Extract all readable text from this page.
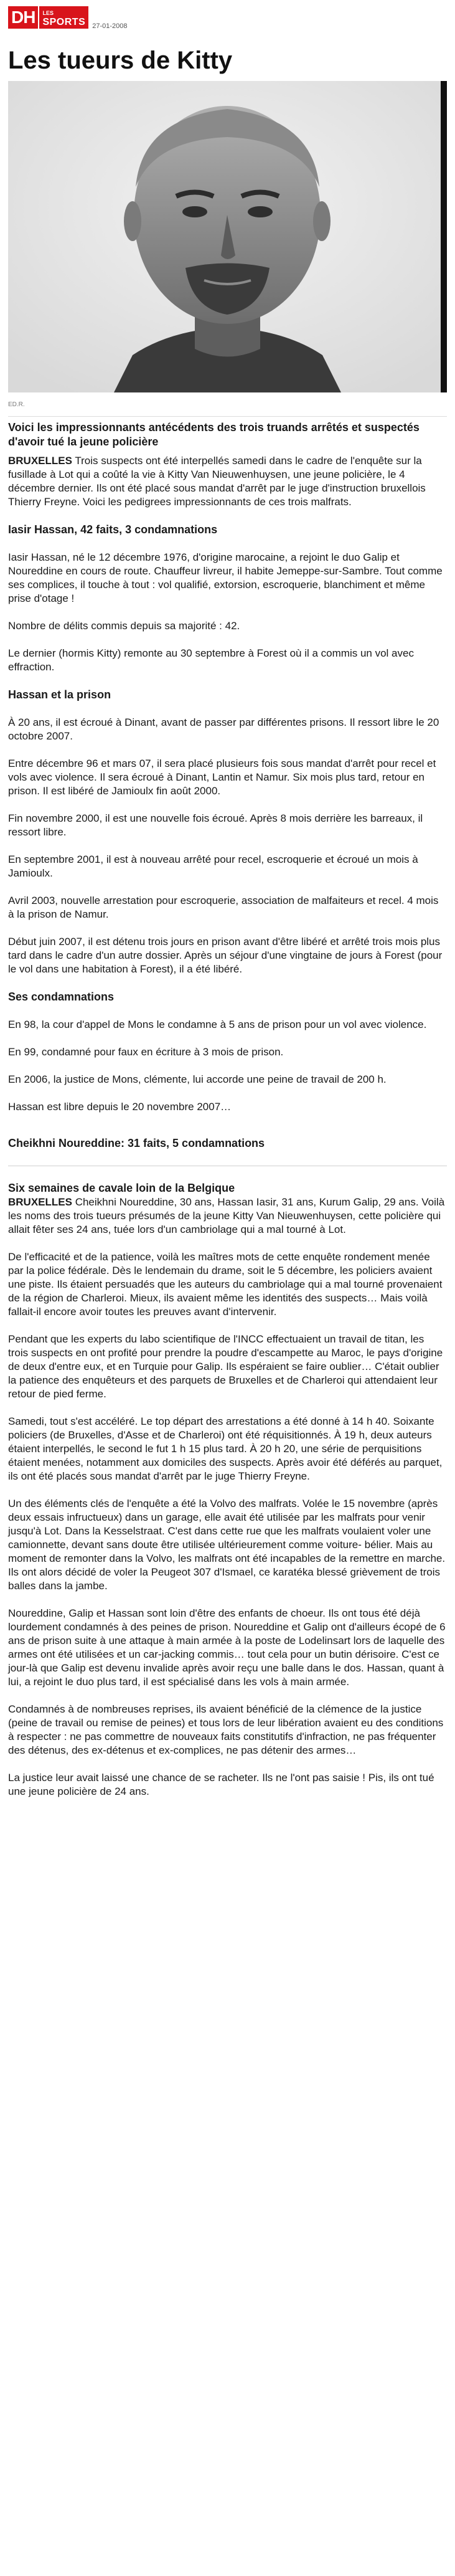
DH	LES
SPORTS 27-01-2008
Les tueurs de Kitty
ED.R.
Voici les impressionnants antécédents des trois truands arrêtés et suspectés d'avoir tué la jeune policière

BRUXELLES Trois suspects ont été interpellés samedi dans le cadre de l'enquête sur la fusillade à Lot qui a coûté la vie à Kitty Van Nieuwenhuysen, une jeune policière, le 4 décembre dernier. Ils ont été placé sous mandat d'arrêt par le juge d'instruction bruxellois Thierry Freyne. Voici les pedigrees impressionnants de ces trois malfrats.

Iasir Hassan, 42 faits, 3 condamnations

Iasir Hassan, né le 12 décembre 1976, d'origine marocaine, a rejoint le duo Galip et Noureddine en cours de route. Chauffeur livreur, il habite Jemeppe-sur-Sambre. Tout comme ses complices, il touche à tout : vol qualifié, extorsion, escroquerie, blanchiment et même prise d'otage !

Nombre de délits commis depuis sa majorité : 42.

Le dernier (hormis Kitty) remonte au 30 septembre à Forest où il a commis un vol avec effraction.

Hassan et la prison

À 20 ans, il est écroué à Dinant, avant de passer par différentes prisons. Il ressort libre le 20 octobre 2007.

Entre décembre 96 et mars 07, il sera placé plusieurs fois sous mandat d'arrêt pour recel et vols avec violence. Il sera écroué à Dinant, Lantin et Namur. Six mois plus tard, retour en prison. Il est libéré de Jamioulx fin août 2000.

Fin novembre 2000, il est une nouvelle fois écroué. Après 8 mois derrière les barreaux, il ressort libre.

En septembre 2001, il est à nouveau arrêté pour recel, escroquerie et écroué un mois à Jamioulx.

Avril 2003, nouvelle arrestation pour escroquerie, association de malfaiteurs et recel. 4 mois à la prison de Namur.

Début juin 2007, il est détenu trois jours en prison avant d'être libéré et arrêté trois mois plus tard dans le cadre d'un autre dossier. Après un séjour d'une vingtaine de jours à Forest (pour le vol dans une habitation à Forest), il a été libéré.

Ses condamnations

En 98, la cour d'appel de Mons le condamne à 5 ans de prison pour un vol avec violence.

En 99, condamné pour faux en écriture à 3 mois de prison.

En 2006, la justice de Mons, clémente, lui accorde une peine de travail de 200 h.

Hassan est libre depuis le 20 novembre 2007…

Cheikhni Noureddine: 31 faits, 5 condamnations
Six semaines de cavale loin de la Belgique

BRUXELLES Cheikhni Noureddine, 30 ans, Hassan Iasir, 31 ans, Kurum Galip, 29 ans. Voilà les noms des trois tueurs présumés de la jeune Kitty Van Nieuwenhuysen, cette policière qui allait fêter ses 24 ans, tuée lors d'un cambriolage qui a mal tourné à Lot.

De l'efficacité et de la patience, voilà les maîtres mots de cette enquête rondement menée par la police fédérale. Dès le lendemain du drame, soit le 5 décembre, les policiers avaient une piste. Ils étaient persuadés que les auteurs du cambriolage qui a mal tourné provenaient de la région de Charleroi. Mieux, ils avaient même les identités des suspects… Mais voilà fallait-il encore avoir toutes les preuves avant d'intervenir.

Pendant que les experts du labo scientifique de l'INCC effectuaient un travail de titan, les trois suspects en ont profité pour prendre la poudre d'escampette au Maroc, le pays d'origine de deux d'entre eux, et en Turquie pour Galip. Ils espéraient se faire oublier… C'était oublier la patience des enquêteurs et des parquets de Bruxelles et de Charleroi qui attendaient leur retour de pied ferme.

Samedi, tout s'est accéléré. Le top départ des arrestations a été donné à 14 h 40. Soixante policiers (de Bruxelles, d'Asse et de Charleroi) ont été réquisitionnés. À 19 h, deux auteurs étaient interpellés, le second le fut 1 h 15 plus tard. À 20 h 20, une série de perquisitions étaient menées, notamment aux domiciles des suspects. Après avoir été déférés au parquet, ils ont été placés sous mandat d'arrêt par le juge Thierry Freyne.

Un des éléments clés de l'enquête a été la Volvo des malfrats. Volée le 15 novembre (après deux essais infructueux) dans un garage, elle avait été utilisée par les malfrats pour venir jusqu'à Lot. Dans la Kesselstraat. C'est dans cette rue que les malfrats voulaient voler une camionnette, devant sans doute être utilisée ultérieurement comme voiture- bélier. Mais au moment de remonter dans la Volvo, les malfrats ont été incapables de la remettre en marche. Ils ont alors décidé de voler la Peugeot 307 d'Ismael, ce karatéka blessé grièvement de trois balles dans la jambe.

Noureddine, Galip et Hassan sont loin d'être des enfants de choeur. Ils ont tous été déjà lourdement condamnés à des peines de prison. Noureddine et Galip ont d'ailleurs écopé de 6 ans de prison suite à une attaque à main armée à la poste de Lodelinsart lors de laquelle des armes ont été utilisées et un car-jacking commis… tout cela pour un butin dérisoire. C'est ce jour-là que Galip est devenu invalide après avoir reçu une balle dans le dos. Hassan, quant à lui, a rejoint le duo plus tard, il est spécialisé dans les vols à main armée.

Condamnés à de nombreuses reprises, ils avaient bénéficié de la clémence de la justice (peine de travail ou remise de peines) et tous lors de leur libération avaient eu des conditions à respecter : ne pas commettre de nouveaux faits constitutifs d'infraction, ne pas fréquenter des détenus, des ex-détenus et ex-complices, ne pas détenir des armes…

La justice leur avait laissé une chance de se racheter. Ils ne l'ont pas saisie ! Pis, ils ont tué une jeune policière de 24 ans.
